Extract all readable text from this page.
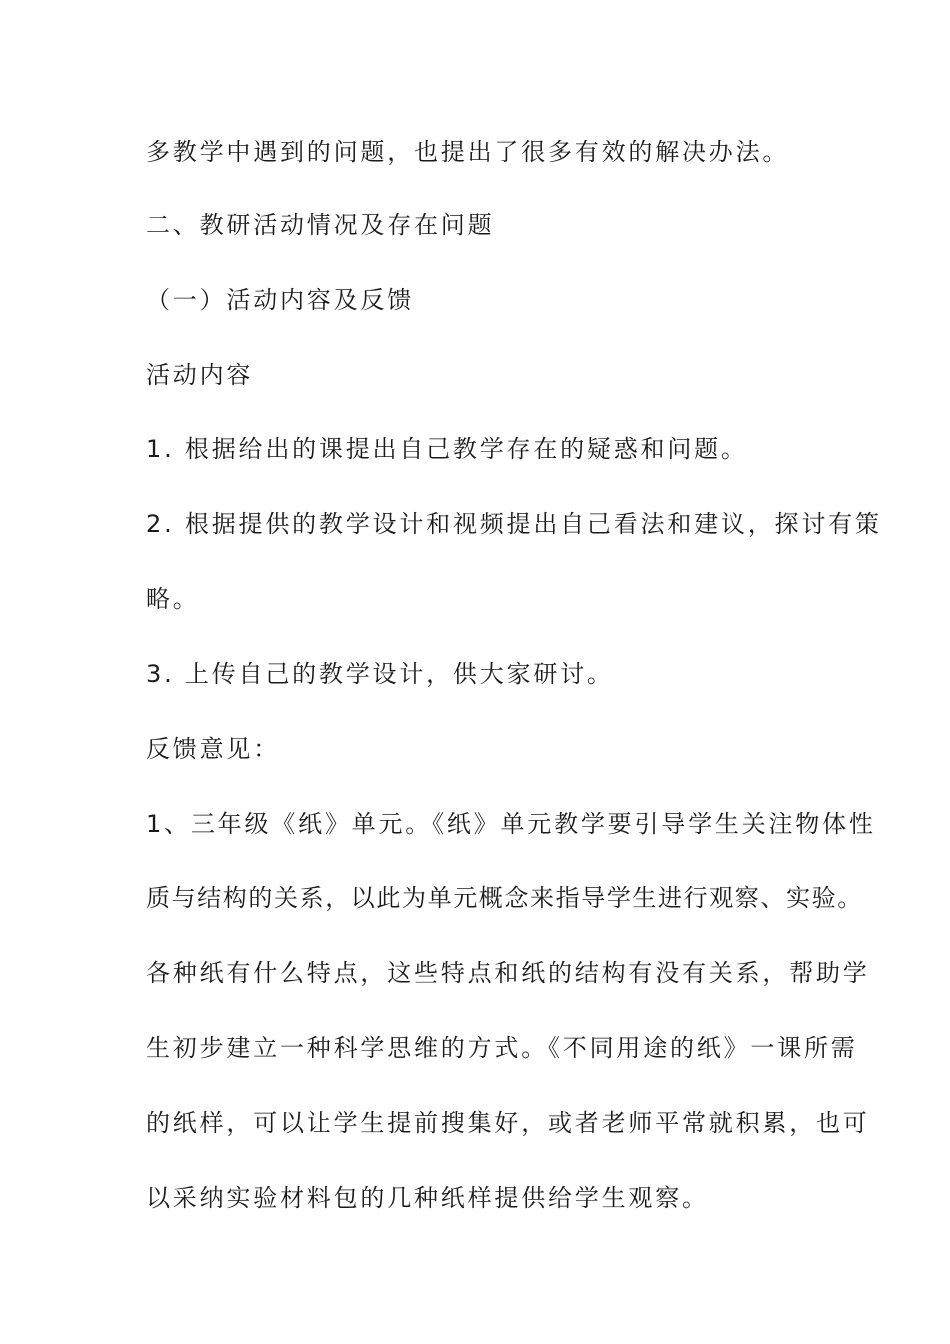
多教学中遇到的问题，也提出了很多有效的解决办法。
二、教研活动情况及存在问题
（一）活动内容及反馈
活动内容
1. 根据给出的课提出自己教学存在的疑惑和问题。
2. 根据提供的教学设计和视频提出自己看法和建议，探讨有策
略。
3. 上传自己的教学设计，供大家研讨。
反馈意见：
1、三年级《纸》单元。《纸》单元教学要引导学生关注物体性
质与结构的关系，以此为单元概念来指导学生进行观察、实验。
各种纸有什么特点，这些特点和纸的结构有没有关系，帮助学
生初步建立一种科学思维的方式。《不同用途的纸》一课所需
的纸样，可以让学生提前搜集好，或者老师平常就积累，也可
以采纳实验材料包的几种纸样提供给学生观察。
